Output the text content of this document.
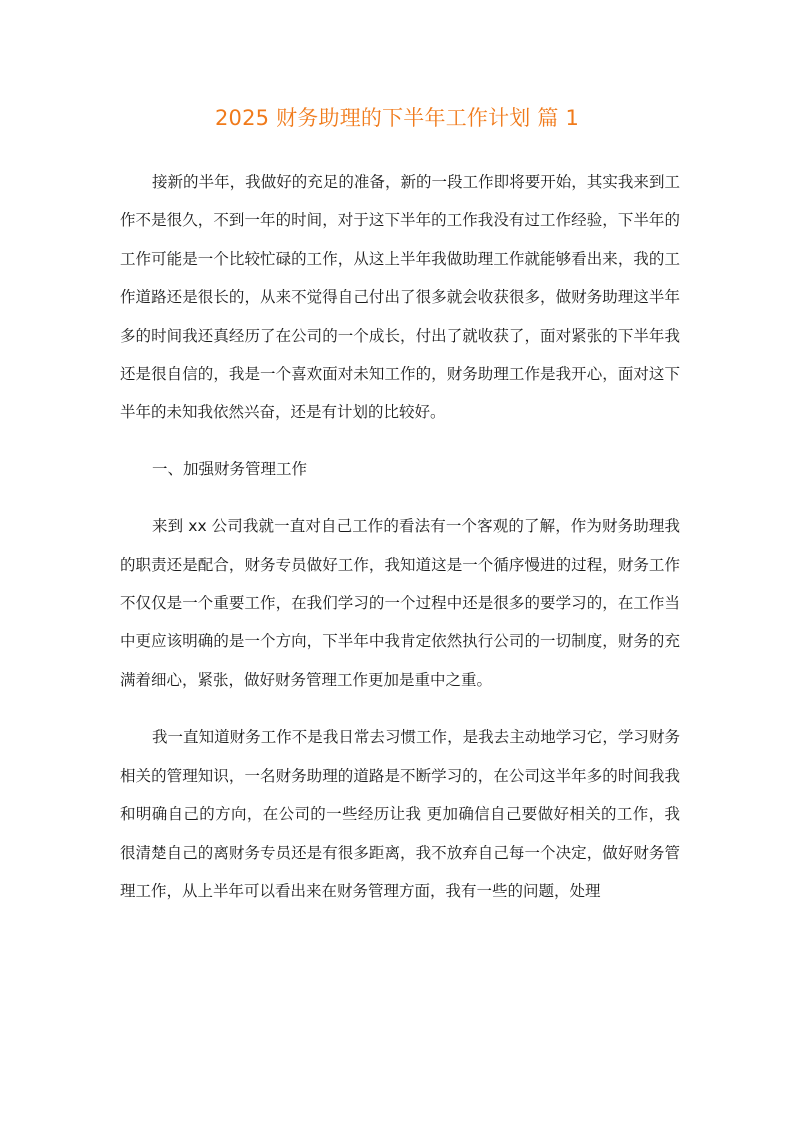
2025 财务助理的下半年工作计划 篇 1

接新的半年，我做好的充足的准备，新的一段工作即将要开始，其实我来到工作不是很久，不到一年的时间，对于这下半年的工作我没有过工作经验，下半年的工作可能是一个比较忙碌的工作，从这上半年我做助理工作就能够看出来，我的工作道路还是很长的，从来不觉得自己付出了很多就会收获很多，做财务助理这半年多的时间我还真经历了在公司的一个成长，付出了就收获了，面对紧张的下半年我还是很自信的，我是一个喜欢面对未知工作的，财务助理工作是我开心，面对这下半年的未知我依然兴奋，还是有计划的比较好。

一、加强财务管理工作

来到 xx 公司我就一直对自己工作的看法有一个客观的了解，作为财务助理我的职责还是配合，财务专员做好工作，我知道这是一个循序慢进的过程，财务工作不仅仅是一个重要工作，在我们学习的一个过程中还是很多的要学习的，在工作当中更应该明确的是一个方向，下半年中我肯定依然执行公司的一切制度，财务的充满着细心，紧张，做好财务管理工作更加是重中之重。

我一直知道财务工作不是我日常去习惯工作，是我去主动地学习它，学习财务相关的管理知识，一名财务助理的道路是不断学习的，在公司这半年多的时间我我和明确自己的方向，在公司的一些经历让我 更加确信自己要做好相关的工作，我很清楚自己的离财务专员还是有很多距离，我不放弃自己每一个决定，做好财务管理工作，从上半年可以看出来在财务管理方面，我有一些的问题，处理
